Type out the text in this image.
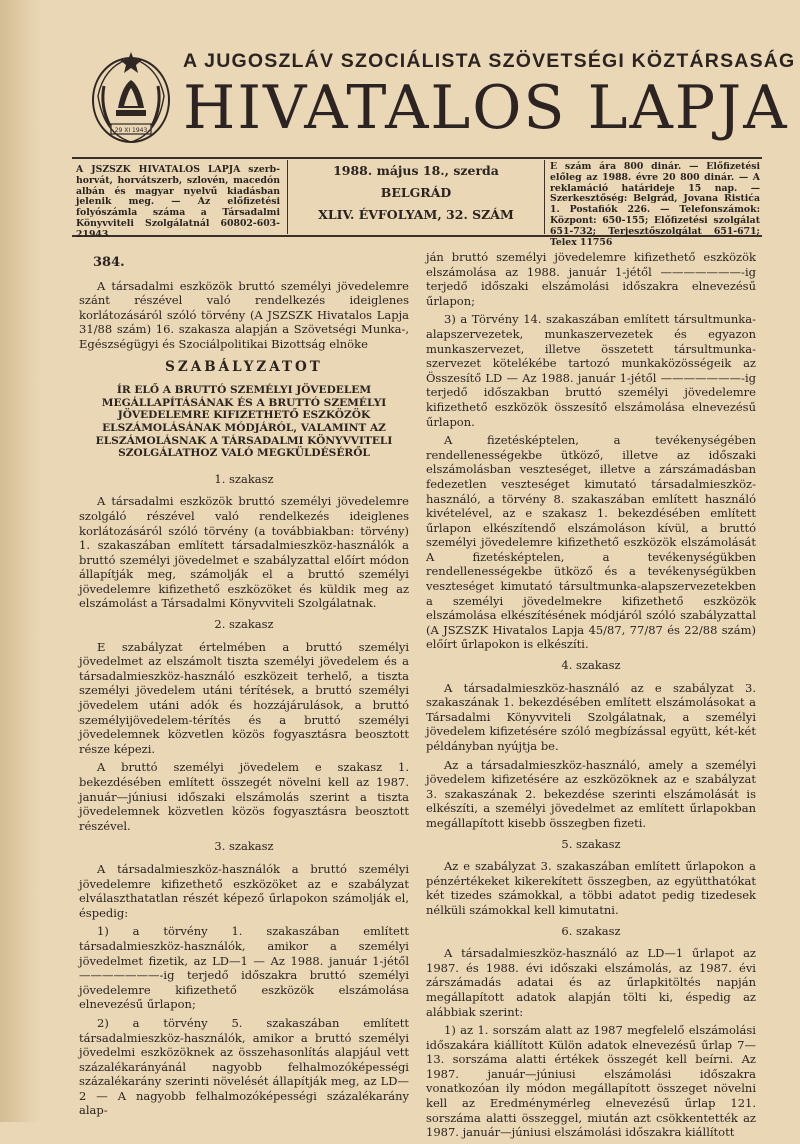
29 XI 1943
A JUGOSZLÁV SZOCIÁLISTA SZÖVETSÉGI KÖZTÁRSASÁG
HIVATALOS LAPJA
A JSZSZK HIVATALOS LAPJA szerb-horvát, horvátszerb, szlovén, macedón albán és magyar nyelvű kiadásban jelenik meg. — Az előfizetési folyószámla száma a Társadalmi Könyvviteli Szolgálatnál 60802-603-21943
1988. május 18., szerda
BELGRÁD
XLIV. ÉVFOLYAM, 32. SZÁM
E szám ára 800 dinár. — Előfizetési előleg az 1988. évre 20 800 dinár. — A reklamáció határideje 15 nap. — Szerkesztőség: Belgrád, Jovana Ristića 1. Postafiók 226. — Telefonszámok: Központ: 650-155; Előfizetési szolgálat 651-732; Terjesztőszolgálat 651-671; Telex 11756
384.

A társadalmi eszközök bruttó személyi jövedelemre szánt részével való rendelkezés ideiglenes korlátozásáról szóló törvény (A JSZSZK Hivatalos Lapja 31/88 szám) 16. szakasza alapján a Szövetségi Munka-, Egészségügyi és Szociálpolitikai Bizottság elnöke

SZABÁLYZATOT
ÍR ELŐ A BRUTTÓ SZEMÉLYI JÖVEDELEM MEGÁLLAPÍTÁSÁNAK ÉS A BRUTTÓ SZEMÉLYI JÖVEDELEMRE KIFIZETHETŐ ESZKÖZÖK ELSZÁMOLÁSÁNAK MÓDJÁRÓL, VALAMINT AZ ELSZÁMOLÁSNAK A TÁRSADALMI KÖNYVVITELI SZOLGÁLATHOZ VALÓ MEGKÜLDÉSÉRŐL
1. szakasz

A társadalmi eszközök bruttó személyi jövedelemre szolgáló részével való rendelkezés ideiglenes korlátozásáról szóló törvény (a továbbiakban: törvény) 1. szakaszában említett társadalmieszköz-használók a bruttó személyi jövedelmet e szabályzattal előírt módon állapítják meg, számolják el a bruttó személyi jövedelemre kifizethető eszközöket és küldik meg az elszámolást a Társadalmi Könyvviteli Szolgálatnak.

2. szakasz

E szabályzat értelmében a bruttó személyi jövedelmet az elszámolt tiszta személyi jövedelem és a társadalmieszköz-használó eszközeit terhelő, a tiszta személyi jövedelem utáni térítések, a bruttó személyi jövedelem utáni adók és hozzájárulások, a bruttó személyijövedelem-térítés és a bruttó személyi jövedelemnek közvetlen közös fogyasztásra beosztott része képezi.

A bruttó személyi jövedelem e szakasz 1. bekezdésében említett összegét növelni kell az 1987. január—júniusi időszaki elszámolás szerint a tiszta jövedelemnek közvetlen közös fogyasztásra beosztott részével.

3. szakasz

A társadalmieszköz-használók a bruttó személyi jövedelemre kifizethető eszközöket az e szabályzat elválaszthatatlan részét képező űrlapokon számolják el, éspedig:

1) a törvény 1. szakaszában említett társadalmieszköz-használók, amikor a személyi jövedelmet fizetik, az LD—1 — Az 1988. január 1-jétől ———————-ig terjedő időszakra bruttó személyi jövedelemre kifizethető eszközök elszámolása elnevezésű űrlapon;

2) a törvény 5. szakaszában említett társadalmieszköz-használók, amikor a bruttó személyi jövedelmi eszközöknek az összehasonlítás alapjául vett százalékarányánál nagyobb felhalmozóképességi százalékarány szerinti növelését állapítják meg, az LD—2 — A nagyobb felhalmozóképességi százalékarány alap-

ján bruttó személyi jövedelemre kifizethető eszközök elszámolása az 1988. január 1-jétől ———————-ig terjedő időszaki elszámolási időszakra elnevezésű űrlapon;

3) a Törvény 14. szakaszában említett társultmunka-alapszervezetek, munkaszervezetek és egyazon munkaszervezet, illetve összetett társultmunka-szervezet kötelékébe tartozó munkaközösségeik az Összesítő LD — Az 1988. január 1-jétől ———————-ig terjedő időszakban bruttó személyi jövedelemre kifizethető eszközök összesítő elszámolása elnevezésű űrlapon.

A fizetésképtelen, a tevékenységében rendellenességekbe ütköző, illetve az időszaki elszámolásban veszteséget, illetve a zárszámadásban fedezetlen veszteséget kimutató társadalmieszköz-használó, a törvény 8. szakaszában említett használó kivételével, az e szakasz 1. bekezdésében említett űrlapon elkészítendő elszámoláson kívül, a bruttó személyi jövedelemre kifizethető eszközök elszámolását A fizetésképtelen, a tevékenységükben rendellenességekbe ütköző és a tevékenységükben veszteséget kimutató társultmunka-alapszervezetekben a személyi jövedelmekre kifizethető eszközök elszámolása elkészítésének módjáról szóló szabályzattal (A JSZSZK Hivatalos Lapja 45/87, 77/87 és 22/88 szám) előírt űrlapokon is elkészíti.

4. szakasz

A társadalmieszköz-használó az e szabályzat 3. szakaszának 1. bekezdésében említett elszámolásokat a Társadalmi Könyvviteli Szolgálatnak, a személyi jövedelem kifizetésére szóló megbízással együtt, két-két példányban nyújtja be.

Az a társadalmieszköz-használó, amely a személyi jövedelem kifizetésére az eszközöknek az e szabályzat 3. szakaszának 2. bekezdése szerinti elszámolását is elkészíti, a személyi jövedelmet az említett űrlapokban megállapított kisebb összegben fizeti.

5. szakasz

Az e szabályzat 3. szakaszában említett űrlapokon a pénzértékeket kikerekített összegben, az együtthatókat két tizedes számokkal, a többi adatot pedig tizedesek nélküli számokkal kell kimutatni.

6. szakasz

A társadalmieszköz-használó az LD—1 űrlapot az 1987. és 1988. évi időszaki elszámolás, az 1987. évi zárszámadás adatai és az űrlapkitöltés napján megállapított adatok alapján tölti ki, éspedig az alábbiak szerint:

1) az 1. sorszám alatt az 1987 megfelelő elszámolási időszakára kiállított Külön adatok elnevezésű űrlap 7—13. sorszáma alatti értékek összegét kell beírni. Az 1987. január—júniusi elszámolási időszakra vonatkozóan ily módon megállapított összeget növelni kell az Eredménymérleg elnevezésű űrlap 121. sorszáma alatti összeggel, miután azt csökkentették az 1987. január—júniusi elszámolási időszakra kiállított
